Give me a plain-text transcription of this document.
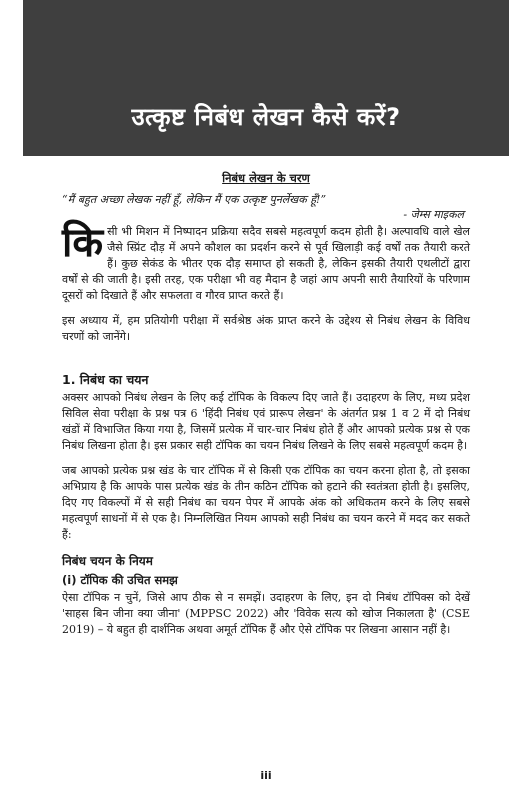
उत्कृष्ट निबंध लेखन कैसे करें?
निबंध लेखन के चरण
“मैं बहुत अच्छा लेखक नहीं हूँ, लेकिन मैं एक उत्कृष्ट पुनर्लेखक हूँ!”
- जेम्स माइकल

किसी भी मिशन में निष्पादन प्रक्रिया सदैव सबसे महत्वपूर्ण कदम होती है। अल्पावधि वाले खेल जैसे स्प्रिंट दौड़ में अपने कौशल का प्रदर्शन करने से पूर्व खिलाड़ी कई वर्षों तक तैयारी करते हैं। कुछ सेकंड के भीतर एक दौड़ समाप्त हो सकती है, लेकिन इसकी तैयारी एथलीटों द्वारा वर्षों से की जाती है। इसी तरह, एक परीक्षा भी वह मैदान है जहां आप अपनी सारी तैयारियों के परिणाम दूसरों को दिखाते हैं और सफलता व गौरव प्राप्त करते हैं।

इस अध्याय में, हम प्रतियोगी परीक्षा में सर्वश्रेष्ठ अंक प्राप्त करने के उद्देश्य से निबंध लेखन के विविध चरणों को जानेंगे।

1. निबंध का चयन

अक्सर आपको निबंध लेखन के लिए कई टॉपिक के विकल्प दिए जाते हैं। उदाहरण के लिए, मध्य प्रदेश सिविल सेवा परीक्षा के प्रश्न पत्र 6 'हिंदी निबंध एवं प्रारूप लेखन' के अंतर्गत प्रश्न 1 व 2 में दो निबंध खंडों में विभाजित किया गया है, जिसमें प्रत्येक में चार-चार निबंध होते हैं और आपको प्रत्येक प्रश्न से एक निबंध लिखना होता है। इस प्रकार सही टॉपिक का चयन निबंध लिखने के लिए सबसे महत्वपूर्ण कदम है।

जब आपको प्रत्येक प्रश्न खंड के चार टॉपिक में से किसी एक टॉपिक का चयन करना होता है, तो इसका अभिप्राय है कि आपके पास प्रत्येक खंड के तीन कठिन टॉपिक को हटाने की स्वतंत्रता होती है। इसलिए, दिए गए विकल्पों में से सही निबंध का चयन पेपर में आपके अंक को अधिकतम करने के लिए सबसे महत्वपूर्ण साधनों में से एक है। निम्नलिखित नियम आपको सही निबंध का चयन करने में मदद कर सकते हैं:

निबंध चयन के नियम
(i) टॉपिक की उचित समझ

ऐसा टॉपिक न चुनें, जिसे आप ठीक से न समझें। उदाहरण के लिए, इन दो निबंध टॉपिक्स को देखें 'साहस बिन जीना क्या जीना' (MPPSC 2022) और 'विवेक सत्य को खोज निकालता है' (CSE 2019) – ये बहुत ही दार्शनिक अथवा अमूर्त टॉपिक हैं और ऐसे टॉपिक पर लिखना आसान नहीं है।

iii
